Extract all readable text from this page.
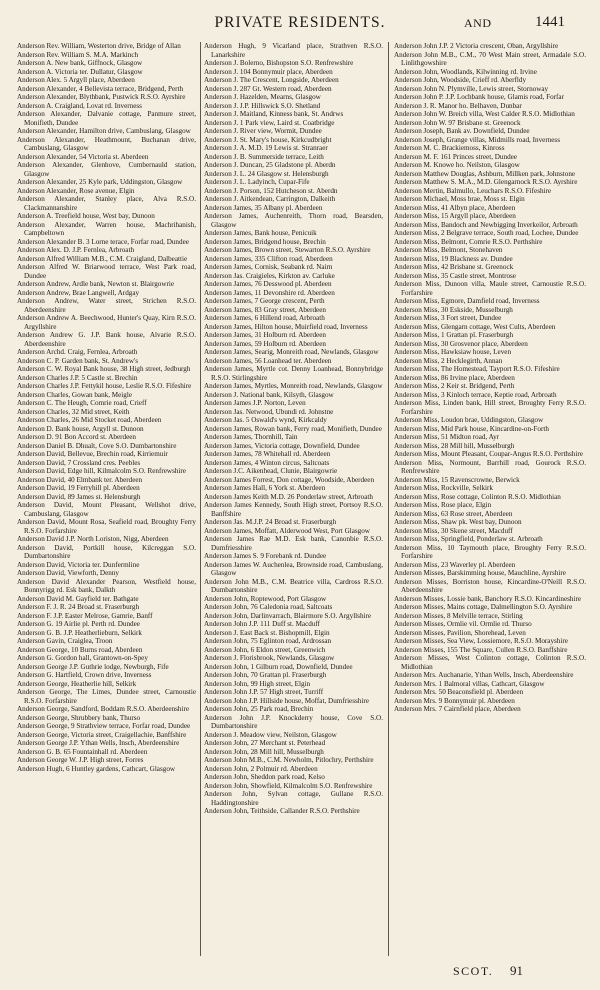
PRIVATE RESIDENTS.	AND	1441
Anderson Rev. William, Westerton drive, Bridge of Allan
Anderson Rev. William S. M.A. Markinch
Anderson A. New bank, Giffnock, Glasgow
Anderson A. Victoria ter. Dullatur, Glasgow
Anderson Alex. 5 Argyll place, Aberdeen
Anderson Alexander, 4 Bellevista terrace, Bridgend, Perth
Anderson Alexander, Blythbank, Pustwick R.S.O. Ayrshire
Anderson A. Craigland, Lovat rd. Inverness
Anderson Alexander, Dalvanie cottage, Panmure street, Monifieth, Dundee
Anderson Alexander, Hamilton drive, Cambuslang, Glasgow
Anderson Alexander, Heathmount, Buchanan drive, Cambuslang, Glasgow
Anderson Alexander, 54 Victoria st. Aberdeen
Anderson Alexander, Glenhove, Cumbernauld station, Glasgow
Anderson Alexander, 25 Kyle park, Uddingston, Glasgow
Anderson Alexander, Rose avenue, Elgin
Anderson Alexander, Stanley place, Alva R.S.O. Clackmannanshire
Anderson A. Treefield house, West bay, Dunoon
Anderson Alexander, Warren house, Machrihanish, Campbeltown
Anderson Alexander B. 3 Lorne terace, Forfar road, Dundee
Anderson Alex. D. J.P. Fernlea, Arbroath
Anderson Alfred William M.B., C.M. Craigland, Dalbeattie
Anderson Alfred W. Briarwood terrace, West Park road, Dundee
Anderson Andrew, Ardle bank, Newton st. Blairgowrie
Anderson Andrew, Brae Langwell, Ardgay
Anderson Andrew, Water street, Strichen R.S.O. Aberdeenshire
Anderson Andrew A. Beechwood, Hunter's Quay, Kirn R.S.O. Argyllshire
Anderson Andrew G. J.P. Bank house, Alvarie R.S.O. Aberdeenshire
Anderson Archd. Craig, Fernlea, Arbroath
Anderson C. P. Garden bank, St. Andrew's
Anderson C. W. Royal Bank house, 38 High street, Jedburgh
Anderson Charles J.P. 5 Castle st. Brechin
Anderson Charles J.P. Fettykil house, Leslie R.S.O. Fifeshire
Anderson Charles, Gowan bank, Meigle
Anderson C. The Heugh, Comrie road, Crieff
Anderson Charles, 32 Mid street, Keith
Anderson Charles, 26 Mid Stocket road, Aberdeen
Anderson D. Bank house, Argyll st. Dunoon
Anderson D. 91 Bon Accord st. Aberdeen
Anderson Daniel B. Dhualt, Cove S.O. Dumbartonshire
Anderson David, Bellevue, Brechin road, Kirriemuir
Anderson David, 7 Crossland cres. Peebles
Anderson David, Edge hill, Kilmalcolm S.O. Renfrewshire
Anderson David, 40 Elmbank ter. Aberdeen
Anderson David, 19 Ferryhill pl. Aberdeen
Anderson David, 89 James st. Helensburgh
Anderson David, Mount Pleasant, Wellshot drive, Cambuslang, Glasgow
Anderson David, Mount Rosa, Seafield road, Broughty Ferry R.S.O. Forfarshire
Anderson David J.P. North Loriston, Nigg, Aberdeen
Anderson David, Portkill house, Kilcreggan S.O. Dumbartonshire
Anderson David, Victoria ter. Dunfermline
Anderson David, Viewforth, Denny
Anderson David Alexander Pearson, Westfield house, Bonnyrigg rd. Esk bank, Dalkth
Anderson David M. Gayfield ter. Bathgate
Anderson F. J. R. 24 Broad st. Fraserburgh
Anderson F. J.P. Easter Melrose, Gamrie, Banff
Anderson G. 19 Airlie pl. Perth rd. Dundee
Anderson G. B. J.P. Heatherlieburn, Selkirk
Anderson Gavin, Craiglea, Troon
Anderson George, 10 Burns road, Aberdeen
Anderson G. Gordon hall, Grantown-on-Spey
Anderson George J.P. Guthrie lodge, Newburgh, Fife
Anderson G. Hartfield, Crown drive, Inverness
Anderson George, Heatherlie hill, Selkirk
Anderson George, The Limes, Dundee street, Carnoustie R.S.O. Forfarshire
Anderson George, Sandford, Boddam R.S.O. Aberdeenshire
Anderson George, Shrubbery bank, Thurso
Anderson George, 9 Strathview terrace, Forfar road, Dundee
Anderson George, Victoria street, Craigellachie, Banffshire
Anderson George J.P. Ythan Wells, Insch, Aberdeenshire
Anderson G. B. 65 Fountainhall rd. Aberdeen
Anderson George W. J.P. High street, Forres
Anderson Hugh, 6 Huntley gardens, Cathcart, Glasgow
Anderson Hugh, 9 Vicarland place, Strathven R.S.O. Lanarkshire
Anderson J. Bolerno, Bishopston S.O. Renfrewshire
Anderson J. 104 Bonnymuir place, Aberdeen
Anderson J. The Crescent, Longside, Aberdeen
Anderson J. 287 Gt. Western road, Aberdeen
Anderson J. Hazelden, Mearns, Glasgow
Anderson J. J.P. Hillswick S.O. Shetland
Anderson J. Maitland, Kinness bank, St. Andrws
Anderson J. 1 Park view, Laird st. Coatbridge
Anderson J. River view, Wormit, Dundee
Anderson J. St. Mary's house, Kirkcudbright
Anderson J. A. M.D. 19 Lewis st. Stranraer
Anderson J. B. Summerside terrace, Leith
Anderson J. Duncan, 25 Gladstone pl. Aberdn
Anderson J. L. 24 Glasgow st. Helensburgh
Anderson J. L. Ladyinch, Cupar-Fife
Anderson J. Porson, 152 Hutcheson st. Aberdn
Anderson J. Aitkendean, Carrington, Dalkeith
Anderson James, 35 Albany pl. Aberdeen
Anderson James, Auchenreith, Thorn road, Bearsden, Glasgow
Anderson James, Bank house, Penicuik
Anderson James, Bridgend house, Brechin
Anderson James, Brown street, Stewarton R.S.O. Ayrshire
Anderson James, 335 Clifton road, Aberdeen
Anderson James, Cornisk, Seabank rd. Nairn
Anderson Jas. Craigieles, Kirkton av. Carluke
Anderson James, 76 Desswood pl. Aberdeen
Anderson James, 11 Devonshire rd. Aberdeen
Anderson James, 7 George crescent, Perth
Anderson James, 83 Gray street, Aberdeen
Anderson James, 6 Hillend road, Arbroath
Anderson James, Hilton house, Muirfield road, Inverness
Anderson James, 31 Holburn rd. Aberdeen
Anderson James, 59 Holburn rd. Aberdeen
Anderson James, Searig, Monreith road, Newlands, Glasgow
Anderson James, 56 Loanhead ter. Aberdeen
Anderson James, Myrtle cot. Denny Loanhead, Bonnybridge R.S.O. Stirlingshire
Anderson James, Myrtles, Monreith road, Newlands, Glasgow
Anderson J. National bank, Kilsyth, Glasgow
Anderson James J.P. Norton, Leven
Anderson Jas. Netwood, Ubundi rd. Johnstne
Anderson Jas. 5 Oswald's wynd, Kirkcaldy
Anderson James, Rowan bank, Ferry road, Monifieth, Dundee
Anderson James, Thornhill, Tain
Anderson James, Victoria cottage, Downfield, Dundee
Anderson James, 78 Whitehall rd. Aberdeen
Anderson James, 4 Winton circus, Saltcoats
Anderson J.C. Aikenhead, Clunie, Blairgowrie
Anderson James Forrest, Don cottage, Woodside, Aberdeen
Anderson James Hall, 6 York st. Aberdeen
Anderson James Keith M.D. 26 Ponderlaw street, Arbroath
Anderson James Kennedy, South High street, Portsoy R.S.O. Banffshire
Anderson Jas. M.J.P. 24 Broad st. Fraserburgh
Anderson James, Moffatt, Alderwood West, Port Glasgow
Anderson James Rae M.D. Esk bank, Canonbie R.S.O. Dumfriesshire
Anderson James S. 9 Forebank rd. Dundee
Anderson James W. Auchenlea, Brownside road, Cambuslang, Glasgow
Anderson John M.B., C.M. Beatrice villa, Cardross R.S.O. Dumbartonshire
Anderson John, Roptewood, Port Glasgow
Anderson John, 76 Caledonia road, Saltcoats
Anderson John, Darlinvarrach, Blairmore S.O. Argyllshire
Anderson John J.P. 111 Duff st. Macduff
Anderson J. East Back st. Bishopmill, Elgin
Anderson John, 75 Eglinton road, Ardrossan
Anderson John, 6 Eldon street, Greenwich
Anderson J. Florisbrook, Newlands, Glasgow
Anderson John, 1 Gilburn road, Downfield, Dundee
Anderson John, 70 Grattan pl. Fraserburgh
Anderson John, 99 High street, Elgin
Anderson John J.P. 57 High street, Turriff
Anderson John J.P. Hillside house, Moffat, Dumfriesshire
Anderson John, 25 Park road, Brechin
Anderson John J.P. Knockderry house, Cove S.O. Dumbartonshire
Anderson J. Meadow view, Neilston, Glasgow
Anderson John, 27 Merchant st. Peterhead
Anderson John, 28 Mill hill, Musselburgh
Anderson John M.B., C.M. Newholm, Pitlochry, Perthshire
Anderson John, 2 Polmuir rd. Aberdeen
Anderson John, Sheddon park road, Kelso
Anderson John, Showfield, Kilmalcolm S.O. Renfrewshire
Anderson John, Sylvan cottage, Gullane R.S.O. Haddingtonshire
Anderson John, Teithside, Callander R.S.O. Perthshire
Anderson John J.P. 2 Victoria crescent, Oban, Argyllshire
Anderson John M.B., C.M., 70 West Main street, Armadale S.O. Linlithgowshire
Anderson John, Woodlands, Kilwinning rd. Irvine
Anderson John, Woodside, Crieff rd. Aberfldy
Anderson John N. Plymville, Lewis street, Stornoway
Anderson John P. J.P. Lochbank house, Glamis road, Forfar
Anderson J. R. Manor ho. Belhaven, Dunbar
Anderson John W. Breich villa, West Calder R.S.O. Midlothian
Anderson John W. 97 Brisbane st. Greenock
Anderson Joseph, Bank av. Downfield, Dundee
Anderson Joseph, Grange villas, Midmills road, Inverness
Anderson M. C. Brackiemoss, Kinross
Anderson M. F. 161 Princes street, Dundee
Anderson M. Knowe ho. Neilston, Glasgow
Anderson Matthew Douglas, Ashburn, Millken park, Johnstone
Anderson Matthew S. M.A., M.D. Glengarnock R.S.O. Ayrshire
Anderson Mertin, Balmullo, Leuchars R.S.O. Fifeshire
Anderson Michael, Moss brae, Moss st. Elgin
Anderson Miss, 41 Albyn place, Aberdeen
Anderson Miss, 15 Argyll place, Aberdeen
Anderson Miss, Bandoch and Newbigging Inverkeilor, Arbroath
Anderson Miss, 2 Belgrave terrace, South road, Lochee, Dundee
Anderson Miss, Belmont, Comrie R.S.O. Perthshire
Anderson Miss, Belmont, Stonehaven
Anderson Miss, 19 Blackness av. Dundee
Anderson Miss, 42 Brisbane st. Greenock
Anderson Miss, 35 Castle street, Montrose
Anderson Miss, Dunoon villa, Maule street, Carnoustie R.S.O. Forfarshire
Anderson Miss, Egmore, Damfield road, Inverness
Anderson Miss, 30 Eskside, Musselburgh
Anderson Miss, 3 Fort street, Dundee
Anderson Miss, Glengarn cottage, West Cults, Aberdeen
Anderson Miss, 1 Grattan pl. Fraserburgh
Anderson Miss, 30 Grosvenor place, Aberdeen
Anderson Miss, Hawksiaw house, Leven
Anderson Miss, 2 Hecklegirth, Annan
Anderson Miss, The Homestead, Tayport R.S.O. Fifeshire
Anderson Miss, 86 Irvine place, Aberdeen
Anderson Miss, 2 Keir st. Bridgend, Perth
Anderson Miss, 3 Kinloch terrace, Keptie road, Arbroath
Anderson Miss, Linden bank, Hill street, Broughty Ferry R.S.O. Forfarshire
Anderson Miss, Loudon brae, Uddingston, Glasgow
Anderson Miss, Mid Park house, Kincardine-on-Forth
Anderson Miss, 51 Midton road, Ayr
Anderson Miss, 28 Mill hill, Musselburgh
Anderson Miss, Mount Pleasant, Coupar-Angus R.S.O. Perthshire
Anderson Miss, Normount, Barrhill road, Gourock R.S.O. Renfrewshire
Anderson Miss, 15 Ravenscrowne, Berwick
Anderson Miss, Rockville, Selkirk
Anderson Miss, Rose cottage, Colinton R.S.O. Midlothian
Anderson Miss, Rose place, Elgin
Anderson Miss, 63 Rose street, Aberdeen
Anderson Miss, Shaw pk. West bay, Dunoon
Anderson Miss, 30 Skene street, Macduff
Anderson Miss, Springfield, Ponderlaw st. Arbroath
Anderson Miss, 10 Taymouth place, Broughty Ferry R.S.O. Forfarshire
Anderson Miss, 23 Waverley pl. Aberdeen
Anderson Misses, Barskimming house, Mauchline, Ayrshire
Anderson Misses, Borriston house, Kincardine-O'Neill R.S.O. Aberdeenshire
Anderson Misses, Lossie bank, Banchory R.S.O. Kincardineshire
Anderson Misses, Mains cottage, Dalmellington S.O. Ayrshire
Anderson Misses, 8 Melville terrace, Stirling
Anderson Misses, Ormlie vil. Ormlie rd. Thurso
Anderson Misses, Pavilion, Shorehead, Leven
Anderson Misses, Sea View, Lossiemore, R.S.O. Morayshire
Anderson Misses, 155 The Square, Cullen R.S.O. Banffshire
Anderson Misses, West Colinton cottage, Colinton R.S.O. Midlothian
Anderson Mrs. Auchanarie, Ythan Wells, Insch, Aberdeenshire
Anderson Mrs. 1 Balmoral villas, Cathcart, Glasgow
Anderson Mrs. 50 Beaconsfield pl. Aberdeen
Anderson Mrs. 9 Bonnymuir pl. Aberdeen
Anderson Mrs. 7 Cairnfield place, Aberdeen
SCOT. 91
